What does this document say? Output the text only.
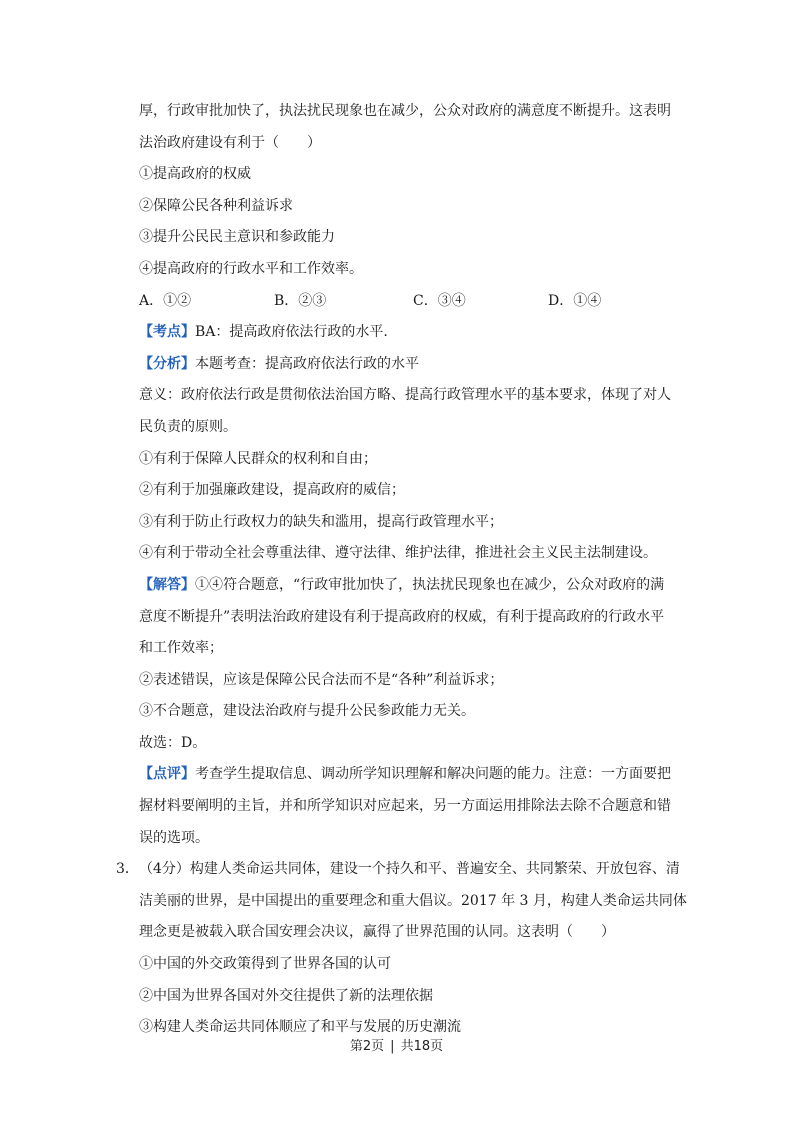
厚，行政审批加快了，执法扰民现象也在减少，公众对政府的满意度不断提升。这表明
法治政府建设有利于（　　）
①提高政府的权威
②保障公民各种利益诉求
③提升公民民主意识和参政能力
④提高政府的行政水平和工作效率。
A．①②	B．②③	C．③④	D．①④
【考点】BA：提高政府依法行政的水平.
【分析】本题考查：提高政府依法行政的水平
意义：政府依法行政是贯彻依法治国方略、提高行政管理水平的基本要求，体现了对人
民负责的原则。
①有利于保障人民群众的权利和自由；
②有利于加强廉政建设，提高政府的威信；
③有利于防止行政权力的缺失和滥用，提高行政管理水平；
④有利于带动全社会尊重法律、遵守法律、维护法律，推进社会主义民主法制建设。
【解答】①④符合题意，“行政审批加快了，执法扰民现象也在减少，公众对政府的满
意度不断提升”表明法治政府建设有利于提高政府的权威，有利于提高政府的行政水平
和工作效率；
②表述错误，应该是保障公民合法而不是“各种”利益诉求；
③不合题意，建设法治政府与提升公民参政能力无关。
故选：D。
【点评】考查学生提取信息、调动所学知识理解和解决问题的能力。注意：一方面要把
握材料要阐明的主旨，并和所学知识对应起来，另一方面运用排除法去除不合题意和错
误的选项。
3． （4分）构建人类命运共同体，建设一个持久和平、普遍安全、共同繁荣、开放包容、清
洁美丽的世界，是中国提出的重要理念和重大倡议。2017 年 3 月，构建人类命运共同体
理念更是被载入联合国安理会决议，赢得了世界范围的认同。这表明（　　）
①中国的外交政策得到了世界各国的认可
②中国为世界各国对外交往提供了新的法理依据
③构建人类命运共同体顺应了和平与发展的历史潮流
第2页 | 共18页
